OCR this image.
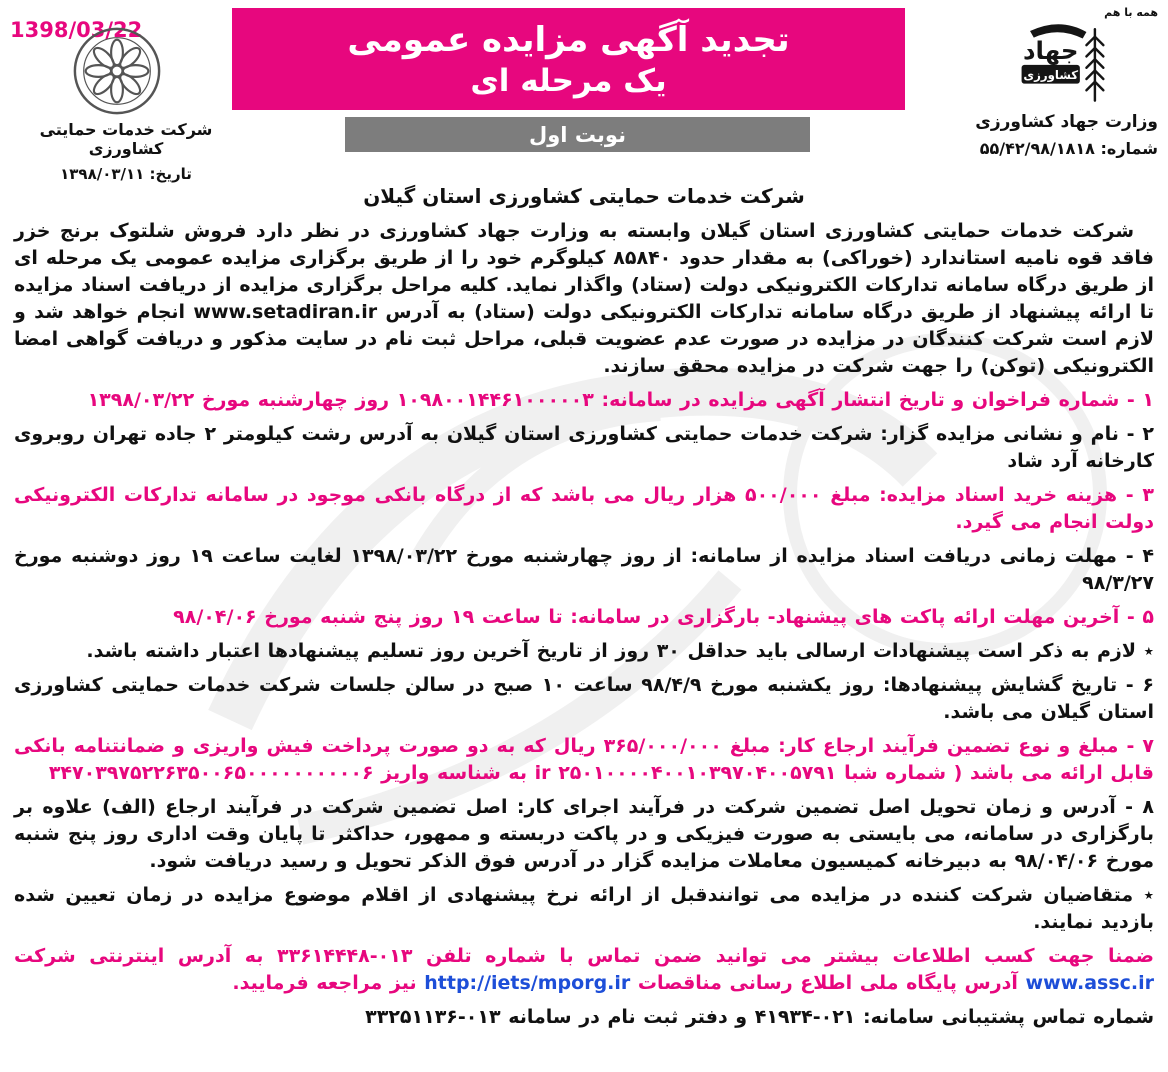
1398/03/22
شرکت خدمات حمایتی کشاورزی
تاریخ: ۱۳۹۸/۰۳/۱۱
تجدید آگهی مزایده عمومی
یک مرحله ای
نوبت اول
همه با هم
جهاد
کشاورزی
وزارت جهاد کشاورزی
شماره: ۵۵/۴۲/۹۸/۱۸۱۸
شرکت خدمات حمایتی کشاورزی استان گیلان

شرکت خدمات حمایتی کشاورزی استان گیلان وابسته به وزارت جهاد کشاورزی در نظر دارد فروش شلتوک برنج خزر فاقد قوه نامیه استاندارد (خوراکی) به مقدار حدود ۸۵۸۴۰ کیلوگرم خود را از طریق برگزاری مزایده عمومی یک مرحله ای از طریق درگاه سامانه تدارکات الکترونیکی دولت (ستاد) واگذار نماید. کلیه مراحل برگزاری مزایده از دریافت اسناد مزایده تا ارائه پیشنهاد از طریق درگاه سامانه تدارکات الکترونیکی دولت (ستاد) به آدرس www.setadiran.ir انجام خواهد شد و لازم است شرکت کنندگان در مزایده در صورت عدم عضویت قبلی، مراحل ثبت نام در سایت مذکور و دریافت گواهی امضا الکترونیکی (توکن) را جهت شرکت در مزایده محقق سازند.

۱ - شماره فراخوان و تاریخ انتشار آگهی مزایده در سامانه: ۱۰۹۸۰۰۱۴۴۶۱۰۰۰۰۰۳ روز چهارشنبه مورخ ۱۳۹۸/۰۳/۲۲

۲ - نام و نشانی مزایده گزار: شرکت خدمات حمایتی کشاورزی استان گیلان به آدرس رشت کیلومتر ۲ جاده تهران روبروی کارخانه آرد شاد

۳ - هزینه خرید اسناد مزایده: مبلغ ۵۰۰/۰۰۰ هزار ریال می باشد که از درگاه بانکی موجود در سامانه تدارکات الکترونیکی دولت انجام می گیرد.

۴ - مهلت زمانی دریافت اسناد مزایده از سامانه: از روز چهارشنبه مورخ ۱۳۹۸/۰۳/۲۲ لغایت ساعت ۱۹ روز دوشنبه مورخ ۹۸/۳/۲۷

۵ - آخرین مهلت ارائه پاکت های پیشنهاد- بارگزاری در سامانه: تا ساعت ۱۹ روز پنج شنبه مورخ ۹۸/۰۴/۰۶

٭ لازم به ذکر است پیشنهادات ارسالی باید حداقل ۳۰ روز از تاریخ آخرین روز تسلیم پیشنهادها اعتبار داشته باشد.

۶ - تاریخ گشایش پیشنهادها: روز یکشنبه مورخ ۹۸/۴/۹ ساعت ۱۰ صبح در سالن جلسات شرکت خدمات حمایتی کشاورزی استان گیلان می باشد.

۷ - مبلغ و نوع تضمین فرآیند ارجاع کار: مبلغ ۳۶۵/۰۰۰/۰۰۰ ریال که به دو صورت پرداخت فیش واریزی و ضمانتنامه بانکی قابل ارائه می باشد ( شماره شبا ۲۵۰۱۰۰۰۰۴۰۰۱۰۳۹۷۰۴۰۰۵۷۹۱ ir به شناسه واریز ۳۴۷۰۳۹۷۵۲۲۶۳۵۰۰۶۵۰۰۰۰۰۰۰۰۰۰۶

۸ - آدرس و زمان تحویل اصل تضمین شرکت در فرآیند اجرای کار: اصل تضمین شرکت در فرآیند ارجاع (الف) علاوه بر بارگزاری در سامانه، می بایستی به صورت فیزیکی و در پاکت دربسته و ممهور، حداکثر تا پایان وقت اداری روز پنج شنبه مورخ ۹۸/۰۴/۰۶ به دبیرخانه کمیسیون معاملات مزایده گزار در آدرس فوق الذکر تحویل و رسید دریافت شود.

٭ متقاضیان شرکت کننده در مزایده می توانندقبل از ارائه نرخ پیشنهادی از اقلام موضوع مزایده در زمان تعیین شده بازدید نمایند.

ضمنا جهت کسب اطلاعات بیشتر می توانید ضمن تماس با شماره تلفن ۰۱۳-۳۳۶۱۴۴۴۸ به آدرس اینترنتی شرکت www.assc.ir آدرس پایگاه ملی اطلاع رسانی مناقصات http://iets/mporg.ir نیز مراجعه فرمایید.

شماره تماس پشتیبانی سامانه: ۰۲۱-۴۱۹۳۴ و دفتر ثبت نام در سامانه ۰۱۳-۳۳۲۵۱۱۳۶
